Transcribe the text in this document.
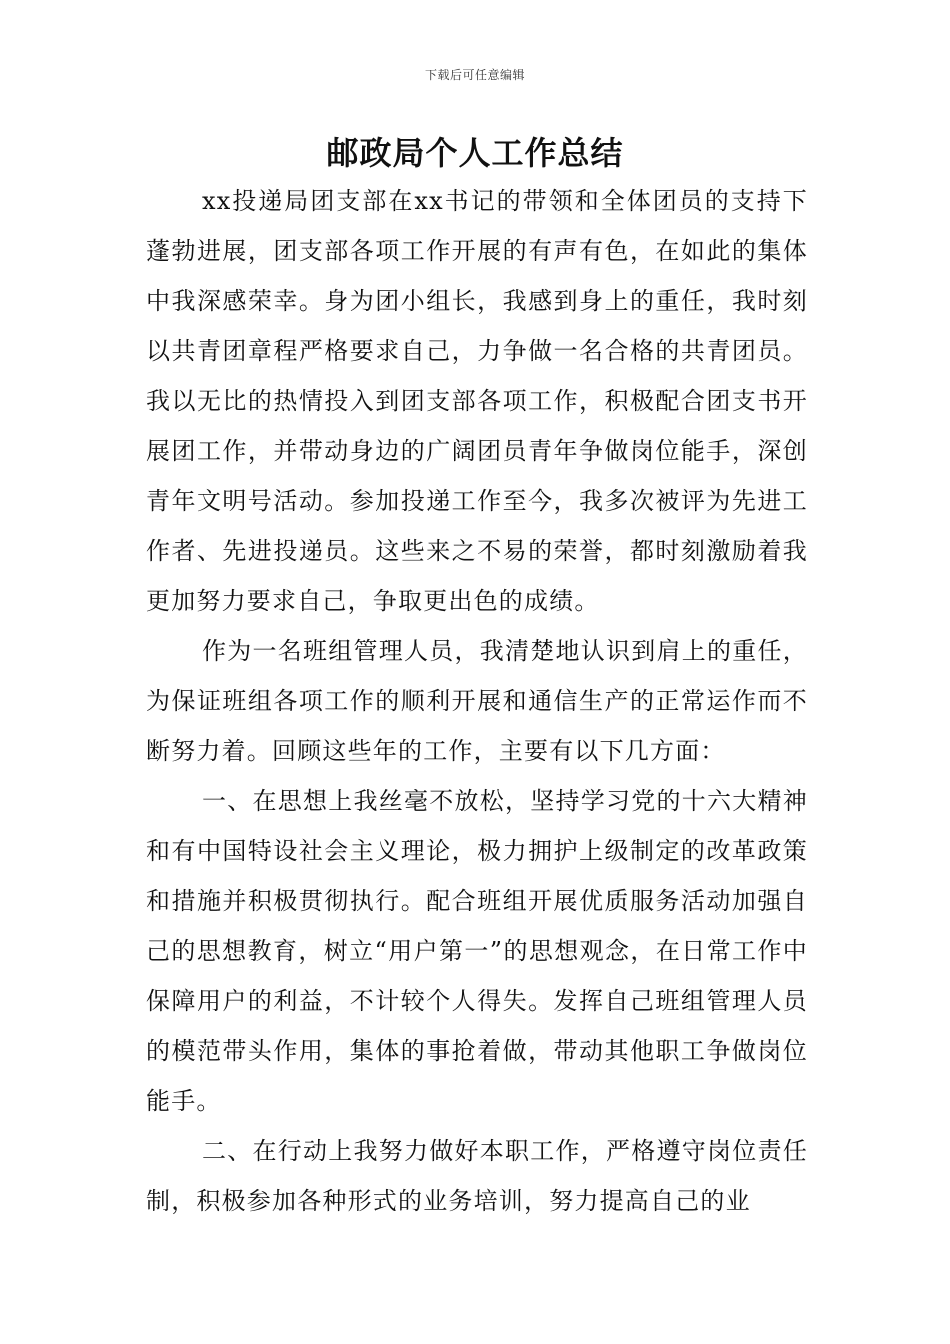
下载后可任意编辑
邮政局个人工作总结

xx投递局团支部在xx书记的带领和全体团员的支持下蓬勃进展，团支部各项工作开展的有声有色，在如此的集体中我深感荣幸。身为团小组长，我感到身上的重任，我时刻以共青团章程严格要求自己，力争做一名合格的共青团员。我以无比的热情投入到团支部各项工作，积极配合团支书开展团工作，并带动身边的广阔团员青年争做岗位能手，深创青年文明号活动。参加投递工作至今，我多次被评为先进工作者、先进投递员。这些来之不易的荣誉，都时刻激励着我更加努力要求自己，争取更出色的成绩。

作为一名班组管理人员，我清楚地认识到肩上的重任，为保证班组各项工作的顺利开展和通信生产的正常运作而不断努力着。回顾这些年的工作，主要有以下几方面：

一、在思想上我丝毫不放松，坚持学习党的十六大精神和有中国特设社会主义理论，极力拥护上级制定的改革政策和措施并积极贯彻执行。配合班组开展优质服务活动加强自己的思想教育，树立“用户第一”的思想观念，在日常工作中保障用户的利益，不计较个人得失。发挥自己班组管理人员的模范带头作用，集体的事抢着做，带动其他职工争做岗位能手。

二、在行动上我努力做好本职工作，严格遵守岗位责任制，积极参加各种形式的业务培训，努力提高自己的业
